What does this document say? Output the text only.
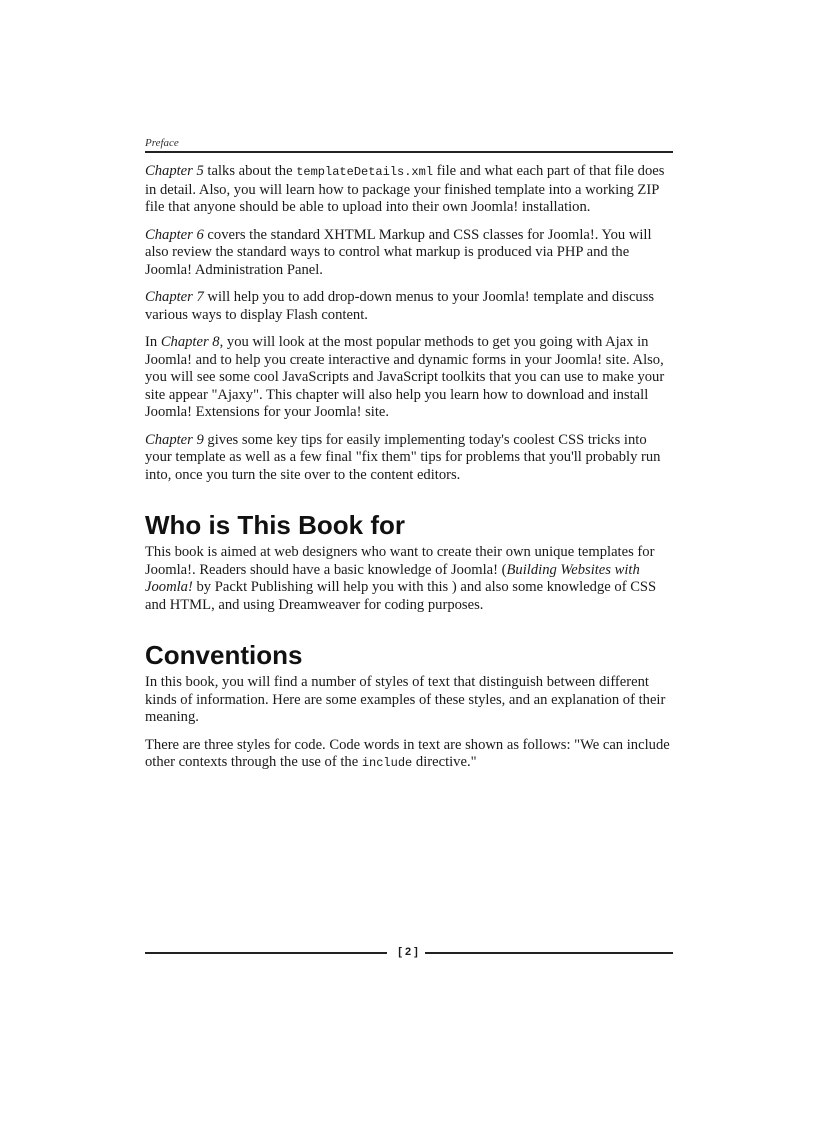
Preface

Chapter 5 talks about the templateDetails.xml file and what each part of that file does in detail. Also, you will learn how to package your finished template into a working ZIP file that anyone should be able to upload into their own Joomla! installation.

Chapter 6 covers the standard XHTML Markup and CSS classes for Joomla!. You will also review the standard ways to control what markup is produced via PHP and the Joomla! Administration Panel.

Chapter 7 will help you to add drop-down menus to your Joomla! template and discuss various ways to display Flash content.

In Chapter 8, you will look at the most popular methods to get you going with Ajax in Joomla! and to help you create interactive and dynamic forms in your Joomla! site. Also, you will see some cool JavaScripts and JavaScript toolkits that you can use to make your site appear "Ajaxy". This chapter will also help you learn how to download and install Joomla! Extensions for your Joomla! site.

Chapter 9 gives some key tips for easily implementing today's coolest CSS tricks into your template as well as a few final "fix them" tips for problems that you'll probably run into, once you turn the site over to the content editors.

Who is This Book for

This book is aimed at web designers who want to create their own unique templates for Joomla!. Readers should have a basic knowledge of Joomla! (Building Websites with Joomla! by Packt Publishing will help you with this ) and also some knowledge of CSS and HTML, and using Dreamweaver for coding purposes.

Conventions

In this book, you will find a number of styles of text that distinguish between different kinds of information. Here are some examples of these styles, and an explanation of their meaning.

There are three styles for code. Code words in text are shown as follows: "We can include other contexts through the use of the include directive."

[ 2 ]
